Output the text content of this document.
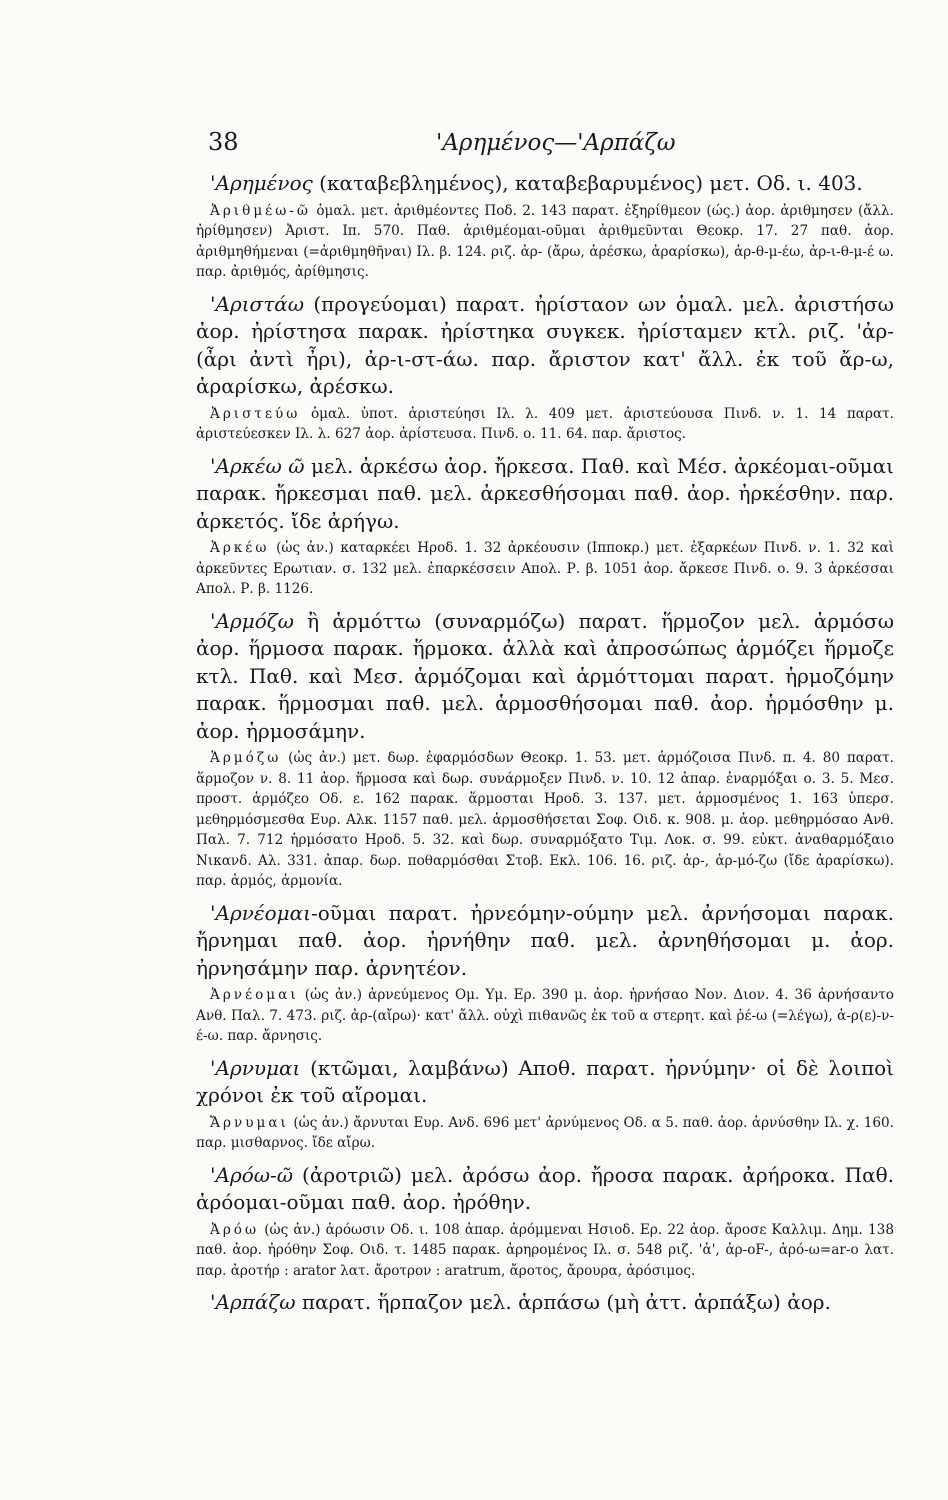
38	'Αρημένος—'Αρπάζω

'Αρημένος (καταβεβλημένος), καταβεβαρυμένος) μετ. Οδ. ι. 403.

Ἀριθμέω-ῶ ὁμαλ. μετ. ἀριθμέοντες Ποδ. 2. 143 παρατ. ἐξηρίθμεον (ώς.) ἀορ. ἀριθμησεν (ἄλλ. ἠρίθμησεν) Ἀριστ. Ιπ. 570. Παθ. ἀριθμέομαι-οῦμαι ἀριθμεῦνται Θεοκρ. 17. 27 παθ. ἀορ. ἀριθμηθήμεναι (=ἀριθμηθῆναι) Ιλ. β. 124. ριζ. ἀρ- (ἄρω, ἀρέσκω, ἀραρίσκω), ἀρ-θ-μ-έω, ἀρ-ι-θ-μ-έ ω. παρ. ἀριθμός, ἀρίθμησις.

'Αριστάω (προγεύομαι) παρατ. ἠρίσταον ων ὁμαλ. μελ. ἀριστήσω ἀορ. ἠρίστησα παρακ. ἠρίστηκα συγκεκ. ἠρίσταμεν κτλ. ριζ. 'ἀρ- (ἆρι ἀντὶ ἦρι), ἀρ-ι-στ-άω. παρ. ἄριστον κατ' ἄλλ. ἐκ τοῦ ἄρ-ω, ἀραρίσκω, ἀρέσκω.

Ἀριστεύω ὁμαλ. ὑποτ. ἀριστεύησι Ιλ. λ. 409 μετ. ἀριστεύουσα Πινδ. ν. 1. 14 παρατ. ἀριστεύεσκεν Ιλ. λ. 627 ἀορ. ἀρίστευσα. Πινδ. ο. 11. 64. παρ. ἄριστος.

'Αρκέω ῶ μελ. ἀρκέσω ἀορ. ἤρκεσα. Παθ. καὶ Μέσ. ἀρκέομαι-οῦμαι παρακ. ἤρκεσμαι παθ. μελ. ἀρκεσθήσομαι παθ. ἀορ. ἠρκέσθην. παρ. ἀρκετός. ἴδε ἀρήγω.

Ἀρκέω (ὡς ἀν.) καταρκέει Ηροδ. 1. 32 ἀρκέουσιν (Ιπποκρ.) μετ. ἐξαρκέων Πινδ. ν. 1. 32 καὶ ἀρκεῦντες Ερωτιαν. σ. 132 μελ. ἐπαρκέσσειν Απολ. Ρ. β. 1051 ἀορ. ἄρκεσε Πινδ. ο. 9. 3 ἀρκέσσαι Απολ. Ρ. β. 1126.

'Αρμόζω ἢ ἁρμόττω (συναρμόζω) παρατ. ἥρμοζον μελ. ἁρμόσω ἀορ. ἥρμοσα παρακ. ἥρμοκα. ἀλλὰ καὶ ἀπροσώπως ἁρμόζει ἥρμοζε κτλ. Παθ. καὶ Μεσ. ἁρμόζομαι καὶ ἁρμόττομαι παρατ. ἡρμοζόμην παρακ. ἥρμοσμαι παθ. μελ. ἁρμοσθήσομαι παθ. ἀορ. ἡρμόσθην μ. ἀορ. ἡρμοσάμην.

Ἁρμόζω (ὡς ἀν.) μετ. δωρ. ἐφαρμόσδων Θεοκρ. 1. 53. μετ. ἁρμόζοισα Πινδ. π. 4. 80 παρατ. ἅρμοζον ν. 8. 11 ἀορ. ἥρμοσα καὶ δωρ. συνάρμοξεν Πινδ. ν. 10. 12 ἀπαρ. ἐναρμόξαι ο. 3. 5. Μεσ. προστ. ἁρμόζεο Οδ. ε. 162 παρακ. ἅρμοσται Ηροδ. 3. 137. μετ. ἁρμοσμένος 1. 163 ὑπερσ. μεθηρμόσμεσθα Ευρ. Αλκ. 1157 παθ. μελ. ἁρμοσθήσεται Σοφ. Οιδ. κ. 908. μ. ἀορ. μεθηρμόσαο Ανθ. Παλ. 7. 712 ἡρμόσατο Ηροδ. 5. 32. καὶ δωρ. συναρμόξατο Τιμ. Λοκ. σ. 99. εὐκτ. ἀναθαρμόξαιο Νικανδ. Αλ. 331. ἀπαρ. δωρ. ποθαρμόσθαι Στοβ. Εκλ. 106. 16. ριζ. ἀρ-, ἀρ-μό-ζω (ἴδε ἀραρίσκω). παρ. ἁρμός, ἁρμονία.

'Αρνέομαι-οῦμαι παρατ. ἠρνεόμην-ούμην μελ. ἀρνήσομαι παρακ. ἤρνημαι παθ. ἀορ. ἠρνήθην παθ. μελ. ἀρνηθήσομαι μ. ἀορ. ἠρνησάμην παρ. ἀρνητέον.

Ἀρνέομαι (ὡς ἀν.) ἀρνεύμενος Ομ. Υμ. Ερ. 390 μ. ἀορ. ἠρνήσαο Νον. Διον. 4. 36 ἀρνήσαντο Ανθ. Παλ. 7. 473. ριζ. ἀρ-(αἴρω)· κατ' ἄλλ. οὐχὶ πιθανῶς ἐκ τοῦ α στερητ. καὶ ῥέ-ω (=λέγω), ἀ-ρ(ε)-ν-έ-ω. παρ. ἄρνησις.

'Αρνυμαι (κτῶμαι, λαμβάνω) Αποθ. παρατ. ἠρνύμην· οἱ δὲ λοιποὶ χρόνοι ἐκ τοῦ αἴρομαι.

Ἄρνυμαι (ὡς ἀν.) ἄρνυται Ευρ. Ανδ. 696 μετ' ἀρνύμενος Οδ. α 5. παθ. ἀορ. ἀρνύσθην Ιλ. χ. 160. παρ. μισθαρνος. ἴδε αἴρω.

'Αρόω-ῶ (ἀροτριῶ) μελ. ἀρόσω ἀορ. ἤροσα παρακ. ἀρήροκα. Παθ. ἀρόομαι-οῦμαι παθ. ἀορ. ἠρόθην.

Ἀρόω (ὡς ἀν.) ἀρόωσιν Οδ. ι. 108 ἀπαρ. ἀρόμμεναι Ησιοδ. Ερ. 22 ἀορ. ἄροσε Καλλιμ. Δημ. 138 παθ. ἀορ. ἠρόθην Σοφ. Οιδ. τ. 1485 παρακ. ἀρηρομένος Ιλ. σ. 548 ριζ. 'ἀ', ἀρ-οF-, ἀρό-ω=ar-o λατ. παρ. ἀροτήρ : arator λατ. ἄροτρον : aratrum, ἄροτος, ἄρουρα, ἀρόσιμος.

'Αρπάζω παρατ. ἥρπαζον μελ. ἁρπάσω (μὴ ἀττ. ἁρπάξω) ἀορ.
